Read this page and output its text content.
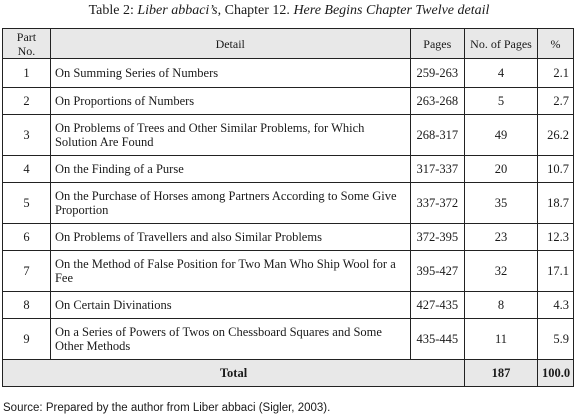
Table 2: Liber abbaci’s, Chapter 12. Here Begins Chapter Twelve detail
Part No.	Detail	Pages	No. of Pages	%
1	On Summing Series of Numbers	259-263	4	2.1
2	On Proportions of Numbers	263-268	5	2.7
3	On Problems of Trees and Other Similar Problems, for Which Solution Are Found	268-317	49	26.2
4	On the Finding of a Purse	317-337	20	10.7
5	On the Purchase of Horses among Partners According to Some Give Proportion	337-372	35	18.7
6	On Problems of Travellers and also Similar Problems	372-395	23	12.3
7	On the Method of False Position for Two Man Who Ship Wool for a Fee	395-427	32	17.1
8	On Certain Divinations	427-435	8	4.3
9	On a Series of Powers of Twos on Chessboard Squares and Some Other Methods	435-445	11	5.9
Total			187	100.0
Source: Prepared by the author from Liber abbaci (Sigler, 2003).
